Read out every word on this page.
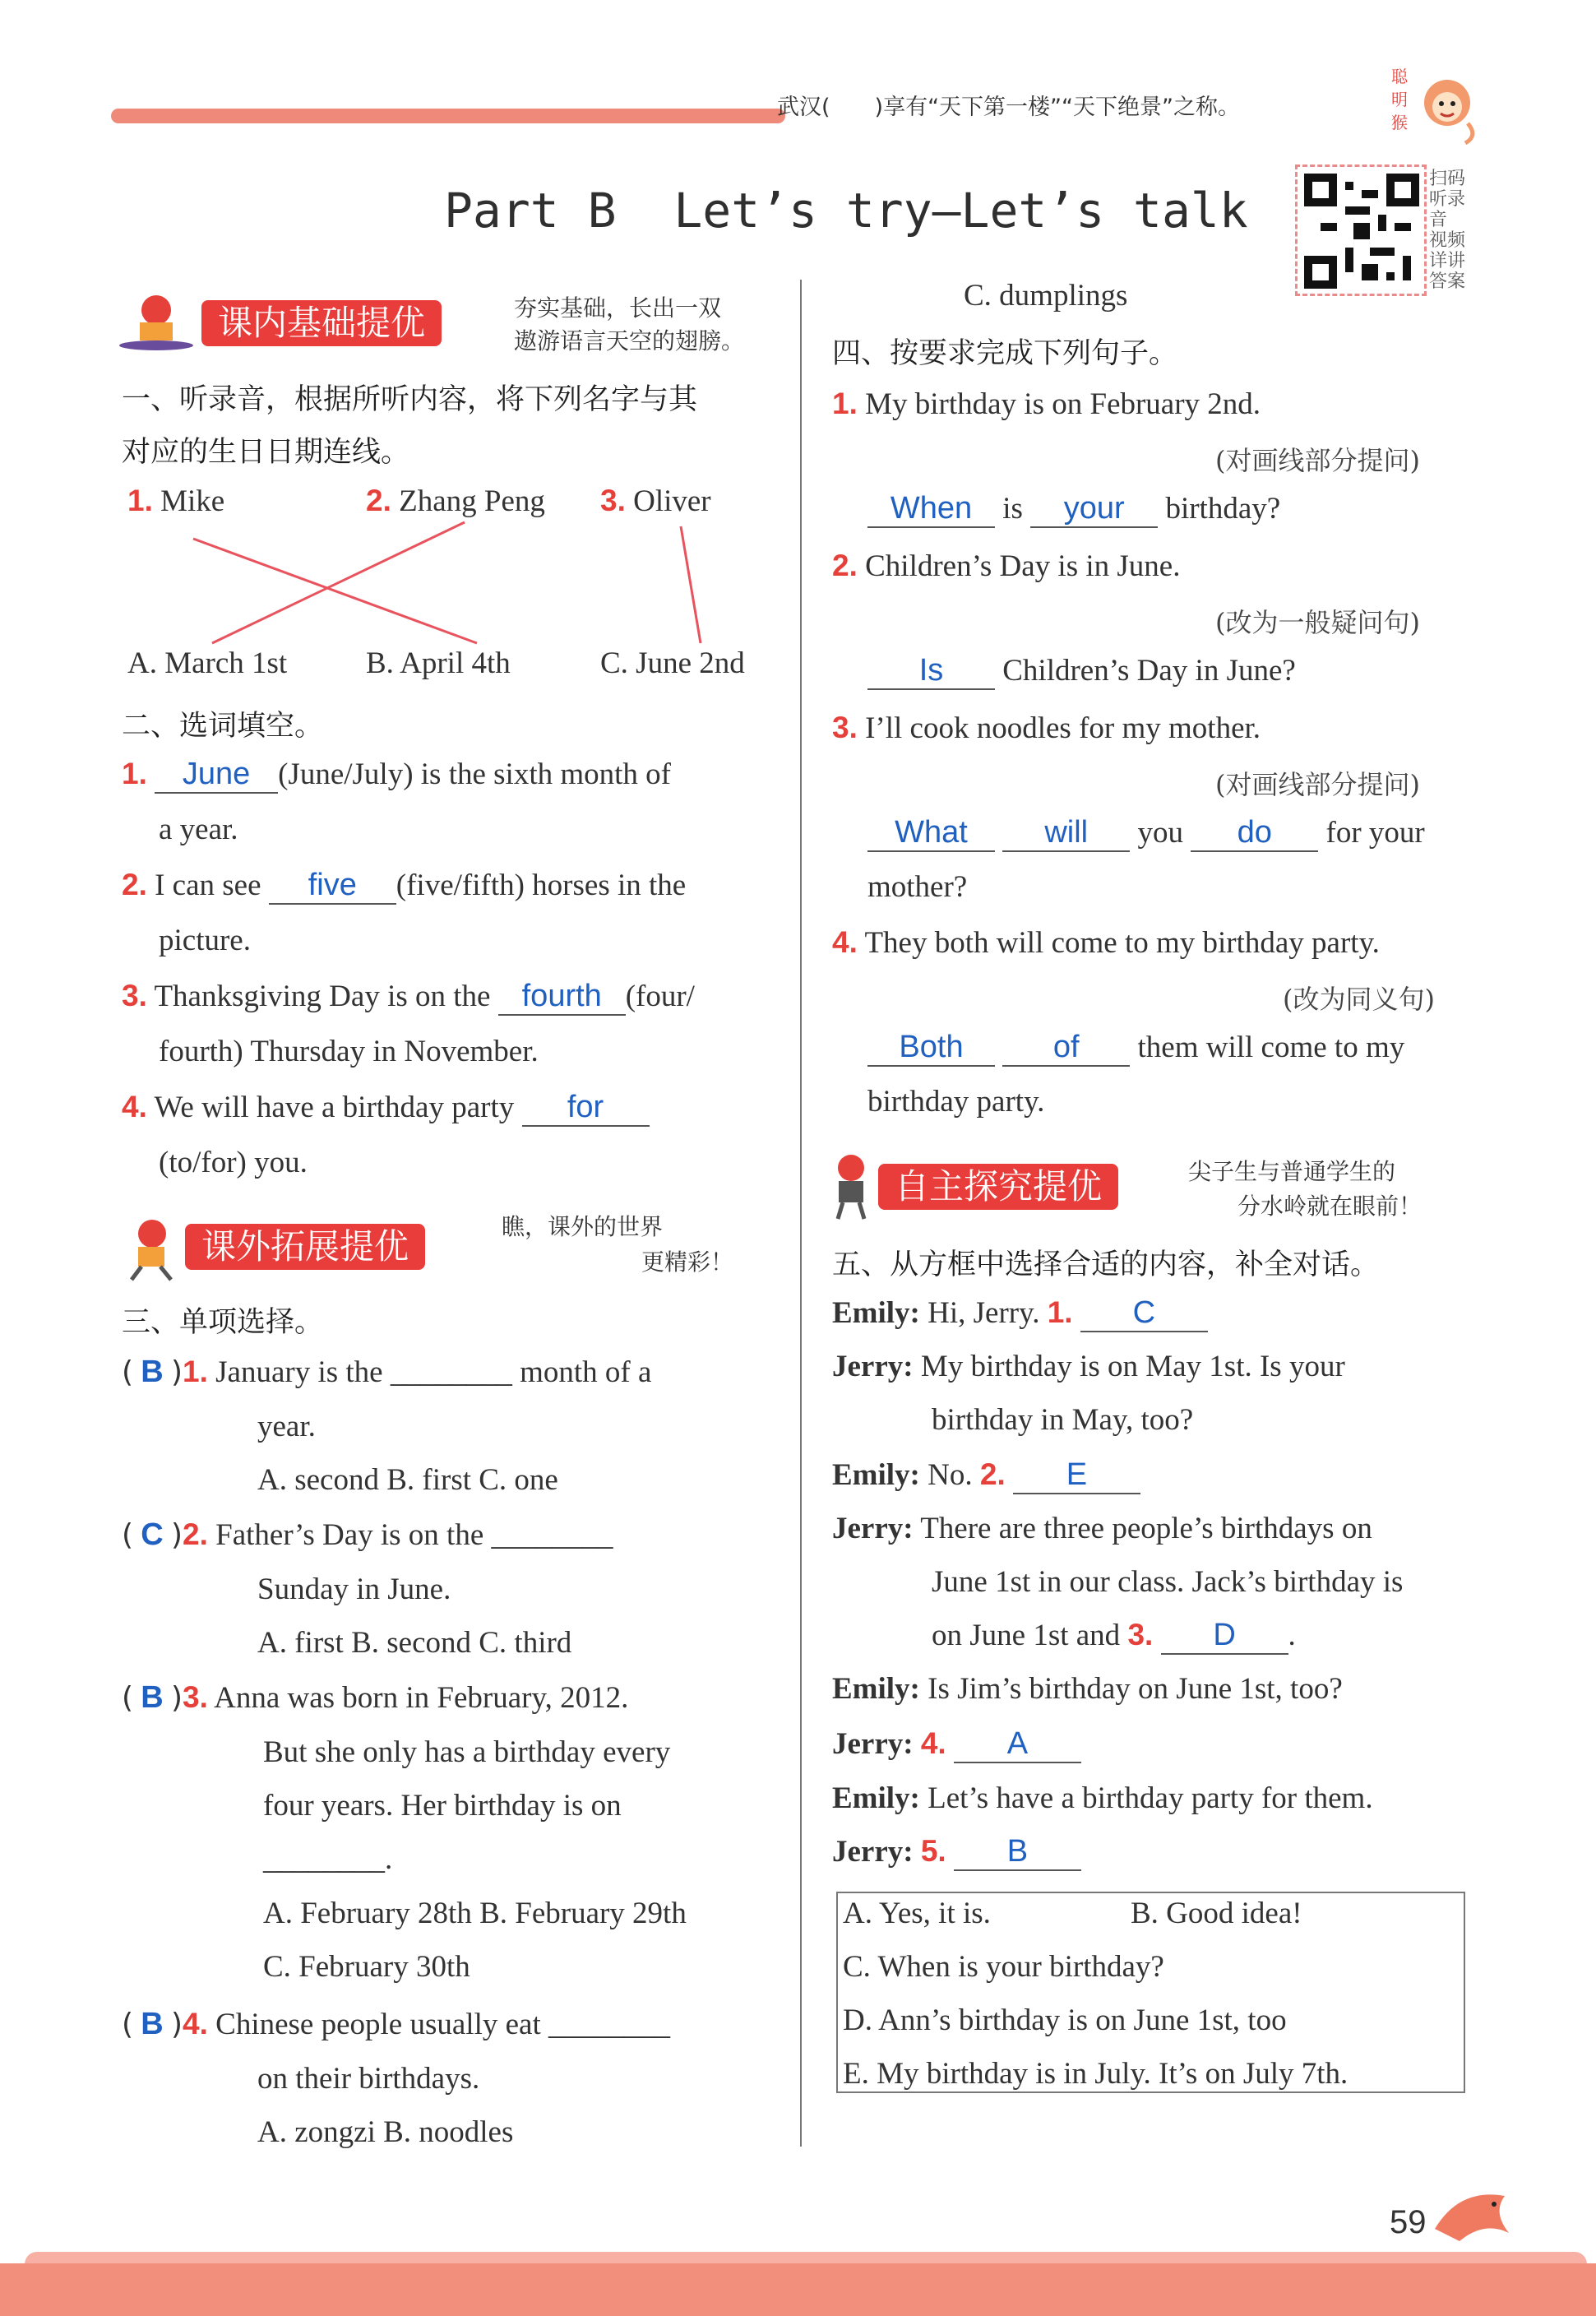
武汉(　　)享有“天下第一楼”“天下绝景”之称。
聪
明
猴
Part B  Let’s try—Let’s talk
扫码听录音
视频详讲答案
课内基础提优	夯实基础，长出一双
遨游语言天空的翅膀。
一、听录音，根据所听内容，将下列名字与其
对应的生日日期连线。
1. Mike	2. Zhang Peng 3. Oliver
A. March 1st	B. April 4th	C. June 2nd
二、选词填空。
1. June (June/July) is the sixth month of
a year.
2. I can see five (five/fifth) horses in the
picture.
3. Thanksgiving Day is on the fourth (four/
fourth) Thursday in November.
4. We will have a birthday party for
(to/for) you.
课外拓展提优	瞧，课外的世界
更精彩！
三、单项选择。
( B )1. January is the ________ month of a
year.
A. second B. first C. one
( C )2. Father’s Day is on the ________
Sunday in June.
A. first B. second C. third
( B )3. Anna was born in February, 2012.
But she only has a birthday every
four years. Her birthday is on
________.
A. February 28th B. February 29th
C. February 30th
( B )4. Chinese people usually eat ________
on their birthdays.
A. zongzi B. noodles
C. dumplings
四、按要求完成下列句子。
1. My birthday is on February 2nd.
(对画线部分提问)
When is your birthday?
2. Children’s Day is in June.
(改为一般疑问句)
Is Children’s Day in June?
3. I’ll cook noodles for my mother.
(对画线部分提问)
What will you do for your
mother?
4. They both will come to my birthday party.
(改为同义句)
Both	of them will come to my
birthday party.
自主探究提优	尖子生与普通学生的
分水岭就在眼前！
五、从方框中选择合适的内容，补全对话。
Emily: Hi, Jerry. 1. C
Jerry: My birthday is on May 1st. Is your
birthday in May, too?
Emily: No. 2. E
Jerry: There are three people’s birthdays on
June 1st in our class. Jack’s birthday is
on June 1st and 3. D .
Emily: Is Jim’s birthday on June 1st, too?
Jerry: 4. A
Emily: Let’s have a birthday party for them.
Jerry: 5. B
A. Yes, it is.	B. Good idea!
C. When is your birthday?
D. Ann’s birthday is on June 1st, too
E. My birthday is in July. It’s on July 7th.
59
